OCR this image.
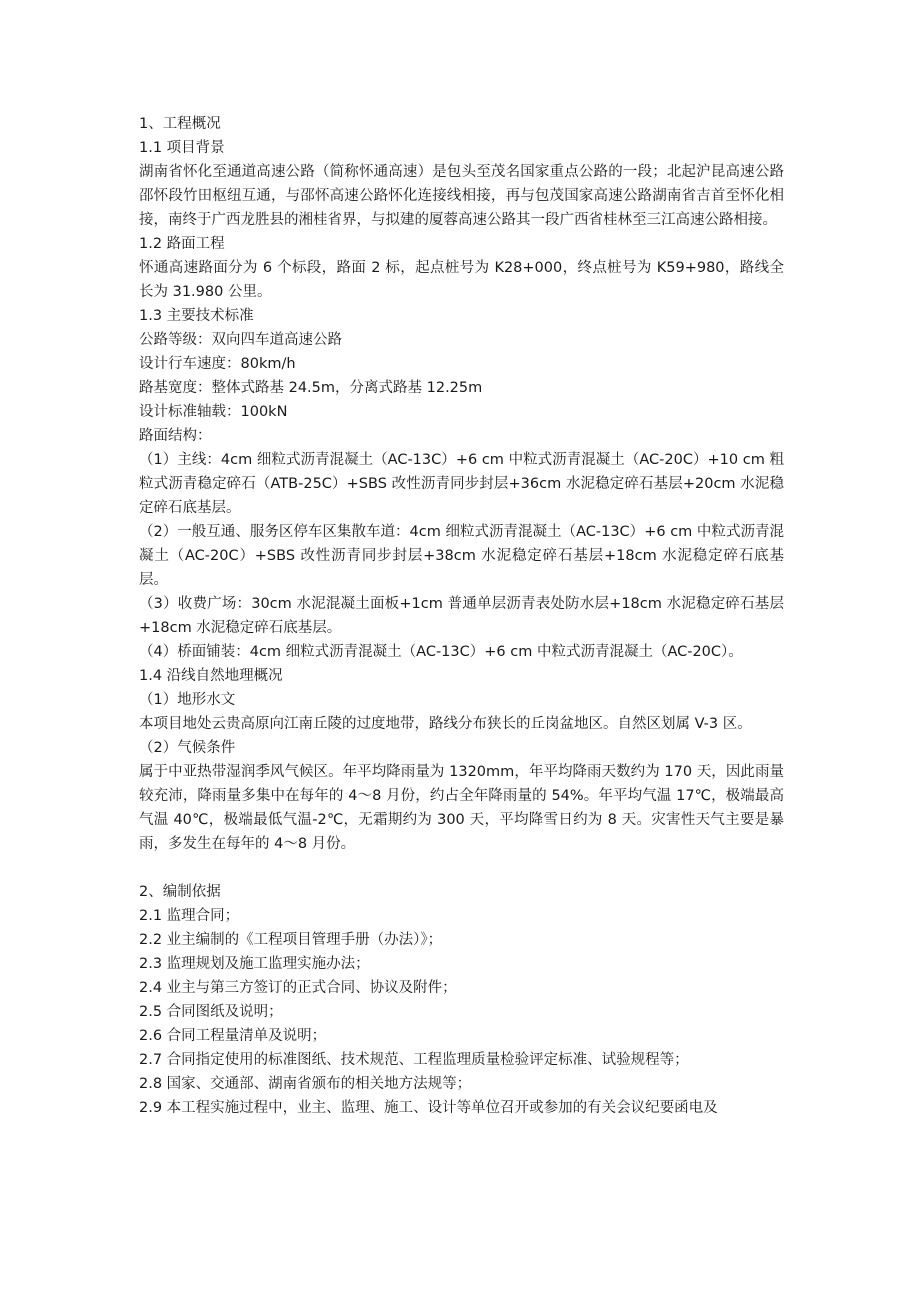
1、工程概况

1.1 项目背景

湖南省怀化至通道高速公路（简称怀通高速）是包头至茂名国家重点公路的一段；北起沪昆高速公路邵怀段竹田枢纽互通，与邵怀高速公路怀化连接线相接，再与包茂国家高速公路湖南省吉首至怀化相接，南终于广西龙胜县的湘桂省界，与拟建的厦蓉高速公路其一段广西省桂林至三江高速公路相接。

1.2 路面工程

怀通高速路面分为 6 个标段，路面 2 标，起点桩号为 K28+000，终点桩号为 K59+980，路线全长为 31.980 公里。

1.3 主要技术标准

公路等级：双向四车道高速公路

设计行车速度：80km/h

路基宽度：整体式路基 24.5m，分离式路基 12.25m

设计标准轴载：100kN

路面结构：

（1）主线：4cm 细粒式沥青混凝土（AC-13C）+6 cm 中粒式沥青混凝土（AC-20C）+10 cm 粗粒式沥青稳定碎石（ATB-25C）+SBS 改性沥青同步封层+36cm 水泥稳定碎石基层+20cm 水泥稳定碎石底基层。

（2）一般互通、服务区停车区集散车道：4cm 细粒式沥青混凝土（AC-13C）+6 cm 中粒式沥青混凝土（AC-20C）+SBS 改性沥青同步封层+38cm 水泥稳定碎石基层+18cm 水泥稳定碎石底基层。

（3）收费广场：30cm 水泥混凝土面板+1cm 普通单层沥青表处防水层+18cm 水泥稳定碎石基层+18cm 水泥稳定碎石底基层。

（4）桥面铺装：4cm 细粒式沥青混凝土（AC-13C）+6 cm 中粒式沥青混凝土（AC-20C）。

1.4 沿线自然地理概况

（1）地形水文

本项目地处云贵高原向江南丘陵的过度地带，路线分布狭长的丘岗盆地区。自然区划属 V-3 区。

（2）气候条件

属于中亚热带湿润季风气候区。年平均降雨量为 1320mm，年平均降雨天数约为 170 天，因此雨量较充沛，降雨量多集中在每年的 4～8 月份，约占全年降雨量的 54%。年平均气温 17℃，极端最高气温 40℃，极端最低气温-2℃，无霜期约为 300 天，平均降雪日约为 8 天。灾害性天气主要是暴雨，多发生在每年的 4～8 月份。

2、编制依据

2.1 监理合同；

2.2 业主编制的《工程项目管理手册（办法）》；

2.3 监理规划及施工监理实施办法；

2.4 业主与第三方签订的正式合同、协议及附件；

2.5 合同图纸及说明；

2.6 合同工程量清单及说明；

2.7 合同指定使用的标准图纸、技术规范、工程监理质量检验评定标准、试验规程等；

2.8 国家、交通部、湖南省颁布的相关地方法规等；

2.9 本工程实施过程中，业主、监理、施工、设计等单位召开或参加的有关会议纪要函电及
